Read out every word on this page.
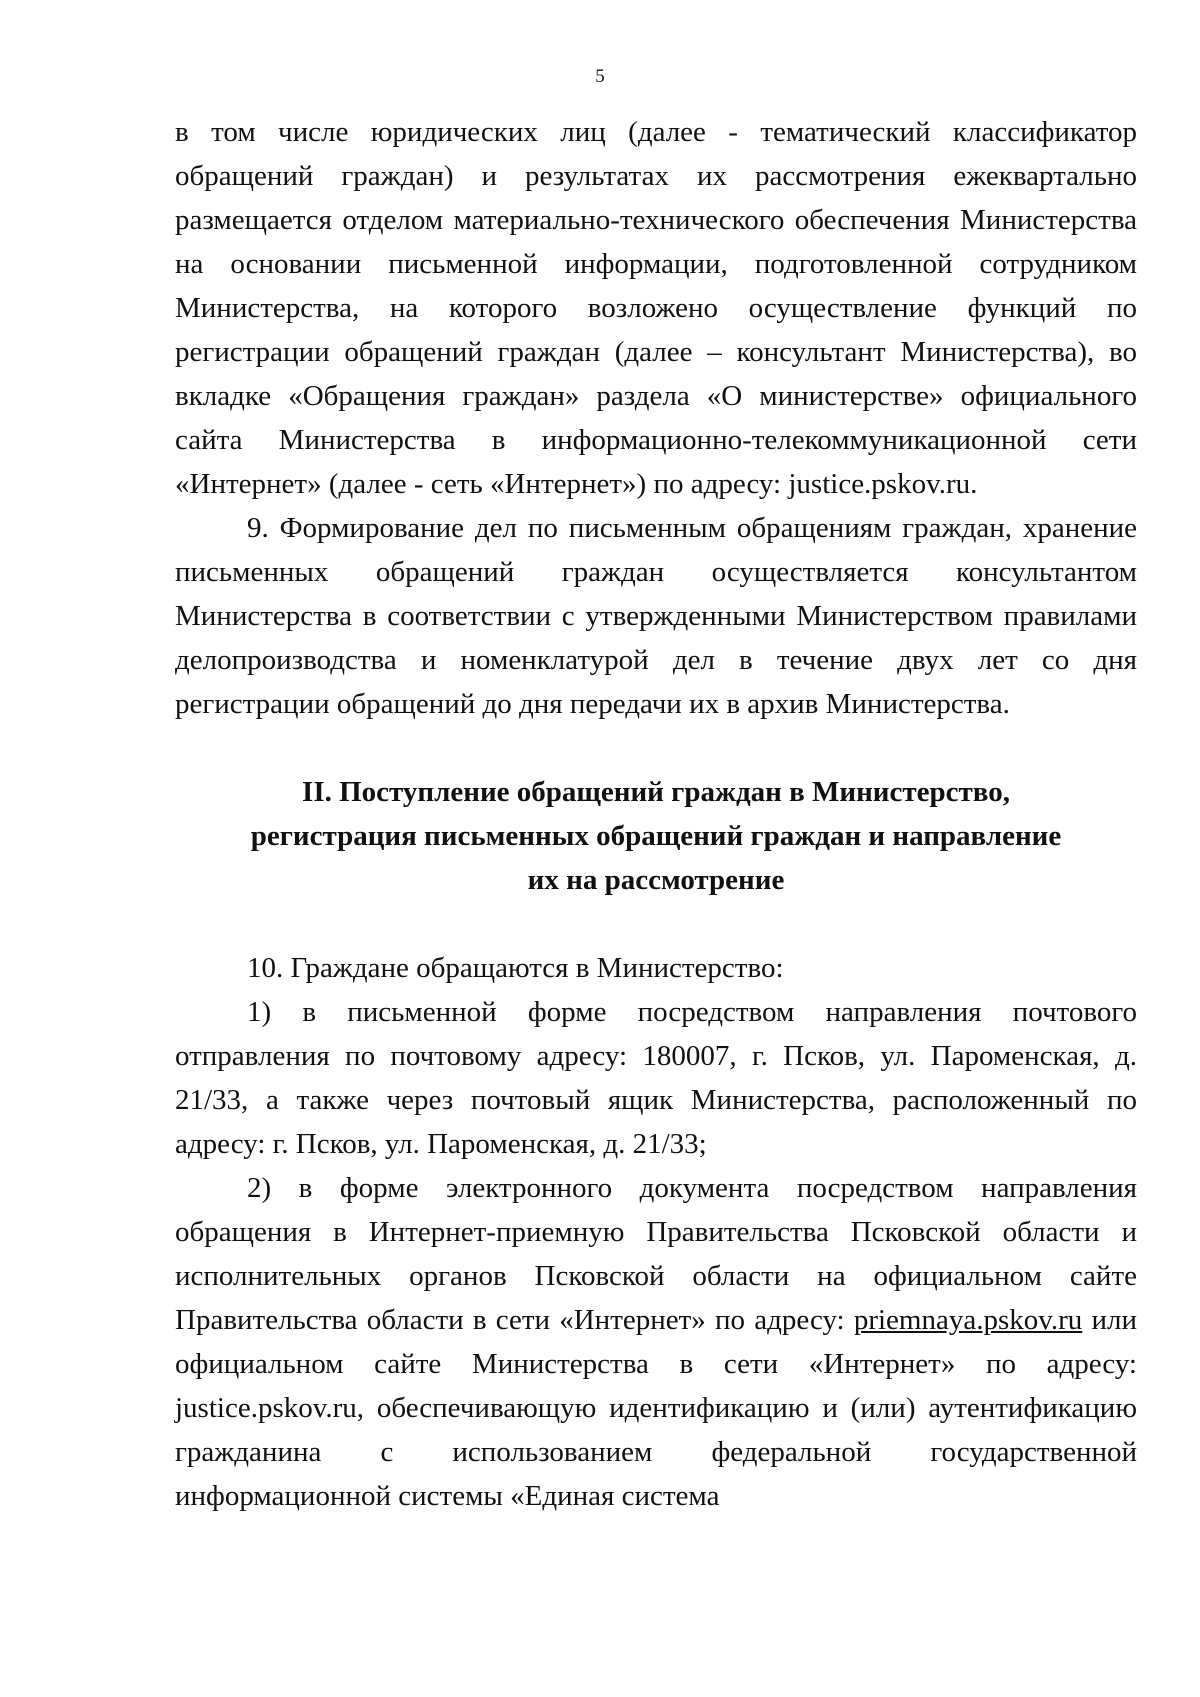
5

в том числе юридических лиц (далее - тематический классификатор обращений граждан) и результатах их рассмотрения ежеквартально размещается отделом материально-технического обеспечения Министерства на основании письменной информации, подготовленной сотрудником Министерства, на которого возложено осуществление функций по регистрации обращений граждан (далее – консультант Министерства), во вкладке «Обращения граждан» раздела «О министерстве» официального сайта Министерства в информационно-телекоммуникационной сети «Интернет» (далее - сеть «Интернет») по адресу: justice.pskov.ru.

9. Формирование дел по письменным обращениям граждан, хранение письменных обращений граждан осуществляется консультантом Министерства в соответствии с утвержденными Министерством правилами делопроизводства и номенклатурой дел в течение двух лет со дня регистрации обращений до дня передачи их в архив Министерства.

II. Поступление обращений граждан в Министерство,
регистрация письменных обращений граждан и направление
их на рассмотрение

10. Граждане обращаются в Министерство:

1) в письменной форме посредством направления почтового отправления по почтовому адресу: 180007, г. Псков, ул. Пароменская, д. 21/33, а также через почтовый ящик Министерства, расположенный по адресу: г. Псков, ул. Пароменская, д. 21/33;

2) в форме электронного документа посредством направления обращения в Интернет-приемную Правительства Псковской области и исполнительных органов Псковской области на официальном сайте Правительства области в сети «Интернет» по адресу: priemnaya.pskov.ru или официальном сайте Министерства в сети «Интернет» по адресу: justice.pskov.ru, обеспечивающую идентификацию и (или) аутентификацию гражданина с использованием федеральной государственной информационной системы «Единая система
